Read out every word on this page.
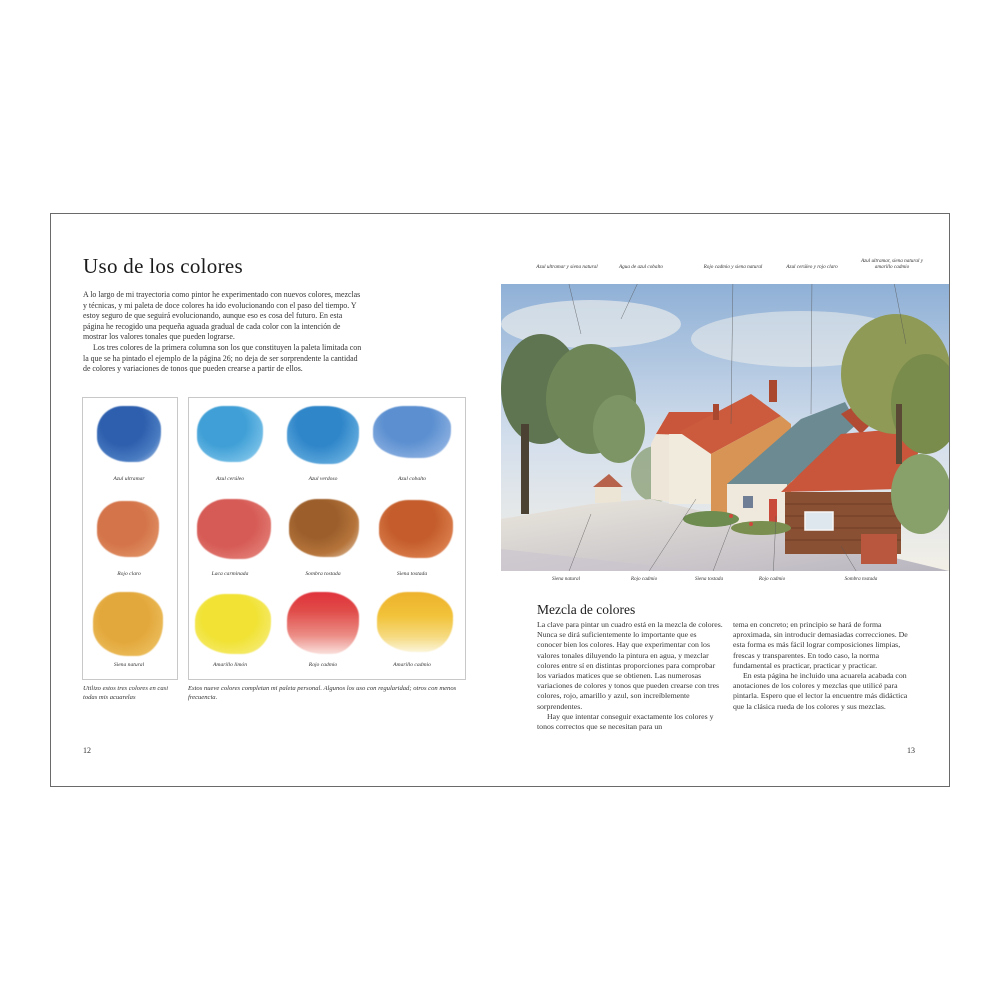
Uso de los colores

A lo largo de mi trayectoria como pintor he experimentado con nuevos colores, mezclas y técnicas, y mi paleta de doce colores ha ido evolucionando con el paso del tiempo. Y estoy seguro de que seguirá evolucionando, aunque eso es cosa del futuro. En esta página he recogido una pequeña aguada gradual de cada color con la intención de mostrar los valores tonales que pueden lograrse.

Los tres colores de la primera columna son los que constituyen la paleta limitada con la que se ha pintado el ejemplo de la página 26; no deja de ser sorprendente la cantidad de colores y variaciones de tonos que pueden crearse a partir de ellos.

Azul ultramar	Azul cerúleo	Azul verdoso	Azul cobalto
Rojo claro	Laca carminada	Sombra tostada	Siena tostada
Siena natural	Amarillo limón	Rojo cadmio	Amarillo cadmio
Utilizo estos tres colores en casi todas mis acuarelas
Estos nueve colores completan mi paleta personal. Algunos los uso con regularidad; otros con menos frecuencia.
12
Azul ultramar y siena natural	Agua de azul cobalto	Rojo cadmio y siena natural	Azul cerúleo y rojo claro
Azul ultramar, siena natural y amarillo cadmio
Siena natural	Rojo cadmio	Siena tostada	Rojo cadmio	Sombra tostada
Mezcla de colores

La clave para pintar un cuadro está en la mezcla de colores. Nunca se dirá suficientemente lo importante que es conocer bien los colores. Hay que experimentar con los valores tonales diluyendo la pintura en agua, y mezclar colores entre sí en distintas proporciones para comprobar los variados matices que se obtienen. Las numerosas variaciones de colores y tonos que pueden crearse con tres colores, rojo, amarillo y azul, son increíblemente sorprendentes.

Hay que intentar conseguir exactamente los colores y tonos correctos que se necesitan para un

tema en concreto; en principio se hará de forma aproximada, sin introducir demasiadas correcciones. De esta forma es más fácil lograr composiciones limpias, frescas y transparentes. En todo caso, la norma fundamental es practicar, practicar y practicar.

En esta página he incluido una acuarela acabada con anotaciones de los colores y mezclas que utilicé para pintarla. Espero que el lector la encuentre más didáctica que la clásica rueda de los colores y sus mezclas.

13
